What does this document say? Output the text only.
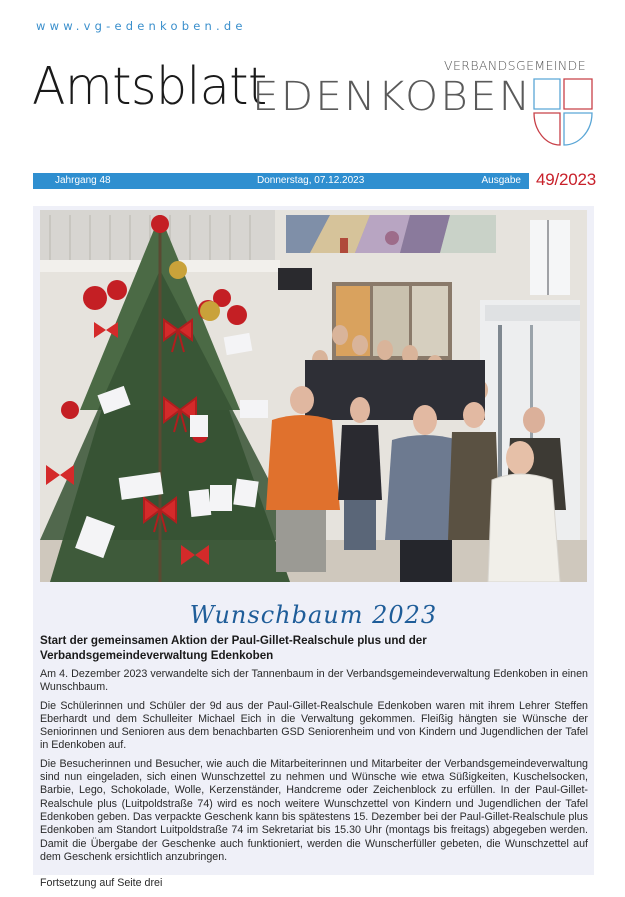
www.vg-edenkoben.de
Amtsblatt	VERBANDSGEMEINDE
EDENKOBEN
Jahrgang 48	Donnerstag, 07.12.2023	Ausgabe 49/2023
Wunschbaum 2023
Start der gemeinsamen Aktion der Paul-Gillet-Realschule plus und der Verbandsgemeindeverwaltung Edenkoben

Am 4. Dezember 2023 verwandelte sich der Tannenbaum in der Verbandsgemeindeverwaltung Edenkoben in einen Wunschbaum.

Die Schülerinnen und Schüler der 9d aus der Paul-Gillet-Realschule Edenkoben waren mit ihrem Lehrer Steffen Eberhardt und dem Schulleiter Michael Eich in die Verwaltung gekommen. Fleißig hängten sie Wünsche der Seniorinnen und Senioren aus dem benachbarten GSD Seniorenheim und von Kindern und Jugendlichen der Tafel in Edenkoben auf.

Die Besucherinnen und Besucher, wie auch die Mitarbeiterinnen und Mitarbeiter der Verbandsgemeindeverwaltung sind nun eingeladen, sich einen Wunschzettel zu nehmen und Wünsche wie etwa Süßigkeiten, Kuschelsocken, Barbie, Lego, Schokolade, Wolle, Kerzenständer, Handcreme oder Zeichenblock zu erfüllen. In der Paul-Gillet-Realschule plus (Luitpoldstraße 74) wird es noch weitere Wunschzettel von Kindern und Jugendlichen der Tafel Edenkoben geben. Das verpackte Geschenk kann bis spätestens 15. Dezember bei der Paul-Gillet-Realschule plus Edenkoben am Standort Luitpoldstraße 74 im Sekretariat bis 15.30 Uhr (montags bis freitags) abgegeben werden. Damit die Übergabe der Geschenke auch funktioniert, werden die Wunscherfüller gebeten, die Wunschzettel auf dem Geschenk ersichtlich anzubringen.

Fortsetzung auf Seite drei
